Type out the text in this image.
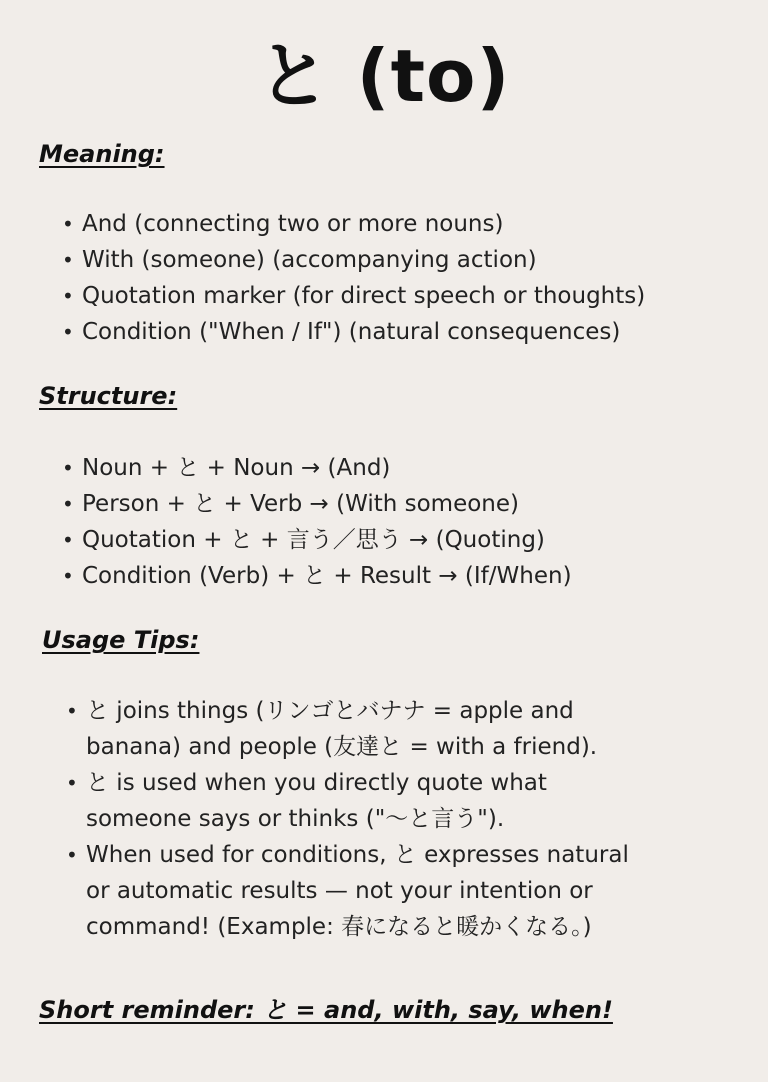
と (to)
Meaning:
• And (connecting two or more nouns)
• With (someone) (accompanying action)
• Quotation marker (for direct speech or thoughts)
• Condition ("When / If") (natural consequences)
Structure:
• Noun + と + Noun → (And)
• Person + と + Verb → (With someone)
• Quotation + と + 言う／思う → (Quoting)
• Condition (Verb) + と + Result → (If/When)
Usage Tips:
• と joins things (リンゴとバナナ = apple and
banana) and people (友達と = with a friend).
• と is used when you directly quote what
someone says or thinks ("〜と言う").
• When used for conditions, と expresses natural
or automatic results — not your intention or
command! (Example: 春になると暖かくなる。)
Short reminder: と = and, with, say, when!
